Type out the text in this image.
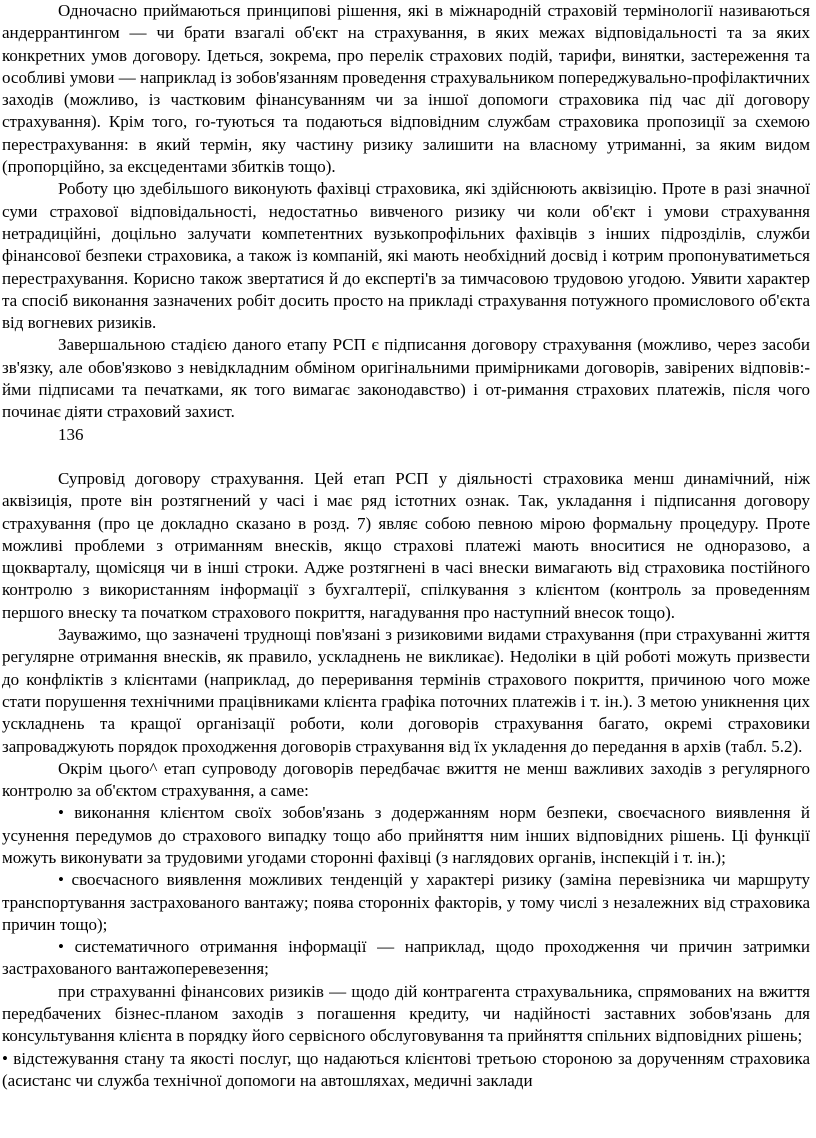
Одночасно приймаються принципові рішення, які в міжнародній страховій термінології називаються андеррантингом — чи брати взагалі об'єкт на страхування, в яких межах відповідальності та за яких конкретних умов договору. Ідеться, зокрема, про перелік страхових подій, тарифи, винятки, застереження та особливі умови — наприклад із зобов'язанням проведення страхувальником попереджувально-профілактичних заходів (можливо, із частковим фінансуванням чи за іншої допомоги страховика під час дії договору страхування). Крім того, го-туються та подаються відповідним службам страховика пропозиції за схемою перестрахування: в який термін, яку частину ризику залишити на власному утриманні, за яким видом (пропорційно, за ексцедентами збитків тощо).

Роботу цю здебільшого виконують фахівці страховика, які здійснюють аквізицію. Проте в разі значної суми страхової відповідальності, недостатньо вивченого ризику чи коли об'єкт і умови страхування нетрадиційні, доцільно залучати компетентних вузькопрофільних фахівців з інших підрозділів, служби фінансової безпеки страховика, а також із компаній, які мають необхідний досвід і котрим пропонуватиметься перестрахування. Корисно також звертатися й до експерті'в за тимчасовою трудовою угодою. Уявити характер та спосіб виконання зазначених робіт досить просто на прикладі страхування потужного промислового об'єкта від вогневих ризиків.

Завершальною стадією даного етапу РСП є підписання договору страхування (можливо, через засоби зв'язку, але обов'язково з невідкладним обміном оригінальними примірниками договорів, завірених відповів:-йми підписами та печатками, як того вимагає законодавство) і от-римання страхових платежів, після чого починає діяти страховий захист.

136

Супровід договору страхування. Цей етап РСП у діяльності страховика менш динамічний, ніж аквізиція, проте він розтягнений у часі і має ряд істотних ознак. Так, укладання і підписання договору страхування (про це докладно сказано в розд. 7) являє собою певною мірою формальну процедуру. Проте можливі проблеми з отриманням внесків, якщо страхові платежі мають вноситися не одноразово, а щокварталу, щомісяця чи в інші строки. Адже розтягнені в часі внески вимагають від страховика постійного контролю з використанням інформації з бухгалтерії, спілкування з клієнтом (контроль за проведенням першого внеску та початком страхового покриття, нагадування про наступний внесок тощо).

Зауважимо, що зазначені труднощі пов'язані з ризиковими видами страхування (при страхуванні життя регулярне отримання внесків, як правило, ускладнень не викликає). Недоліки в цій роботі можуть призвести до конфліктів з клієнтами (наприклад, до переривання термінів страхового покриття, причиною чого може стати порушення технічними працівниками клієнта графіка поточних платежів і т. ін.). З метою уникнення цих ускладнень та кращої організації роботи, коли договорів страхування багато, окремі страховики запроваджують порядок проходження договорів страхування від їх укладення до передання в архів (табл. 5.2).

Окрім цього^ етап супроводу договорів передбачає вжиття не менш важливих заходів з регулярного контролю за об'єктом страхування, а саме:

• виконання клієнтом своїх зобов'язань з додержанням норм безпеки, своєчасного виявлення й усунення передумов до страхового випадку тощо або прийняття ним інших відповідних рішень. Ці функції можуть виконувати за трудовими угодами сторонні фахівці (з наглядових органів, інспекцій і т. ін.);

• своєчасного виявлення можливих тенденцій у характері ризику (заміна перевізника чи маршруту транспортування застрахованого вантажу; поява сторонніх факторів, у тому числі з незалежних від страховика причин тощо);

• систематичного отримання інформації — наприклад, щодо проходження чи причин затримки застрахованого вантажоперевезення;

при страхуванні фінансових ризиків — щодо дій контрагента страхувальника, спрямованих на вжиття передбачених бізнес-планом заходів з погашення кредиту, чи надійності заставних зобов'язань для консультування клієнта в порядку його сервісного обслуговування та прийняття спільних відповідних рішень;

• відстежування стану та якості послуг, що надаються клієнтові третьою стороною за дорученням страховика (асистанс чи служба технічної допомоги на автошляхах, медичні заклади
